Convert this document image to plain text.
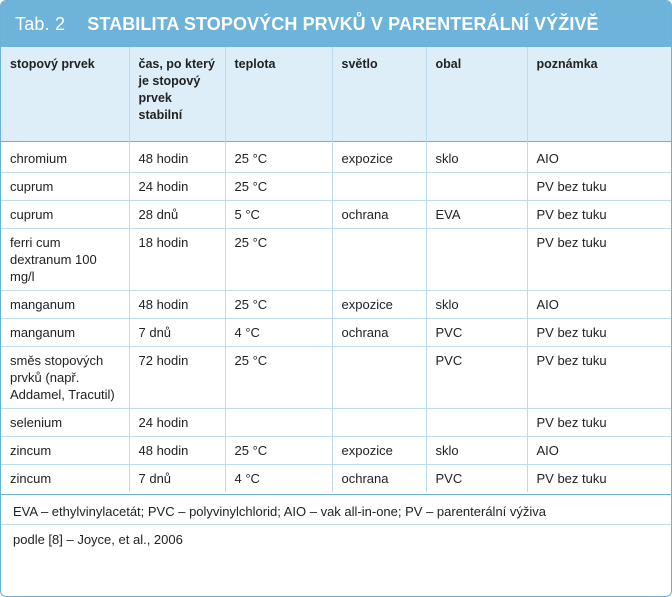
Tab. 2 STABILITA STOPOVÝCH PRVKŮ V PARENTERÁLNÍ VÝŽIVĚ
stopový prvek	čas, po který je stopový prvek stabilní	teplota	světlo	obal	poznámka
chromium	48 hodin	25 °C	expozice	sklo	AIO
cuprum	24 hodin	25 °C			PV bez tuku
cuprum	28 dnů	5 °C	ochrana	EVA	PV bez tuku
ferri cum dextranum 100 mg/l	18 hodin	25 °C			PV bez tuku
manganum	48 hodin	25 °C	expozice	sklo	AIO
manganum	7 dnů	4 °C	ochrana	PVC	PV bez tuku
směs stopových prvků (např. Addamel, Tracutil)	72 hodin	25 °C		PVC	PV bez tuku
selenium	24 hodin				PV bez tuku
zincum	48 hodin	25 °C	expozice	sklo	AIO
zincum	7 dnů	4 °C	ochrana	PVC	PV bez tuku
EVA – ethylvinylacetát; PVC – polyvinylchlorid; AIO – vak all-in-one; PV – parenterální výživa
podle [8] – Joyce, et al., 2006
